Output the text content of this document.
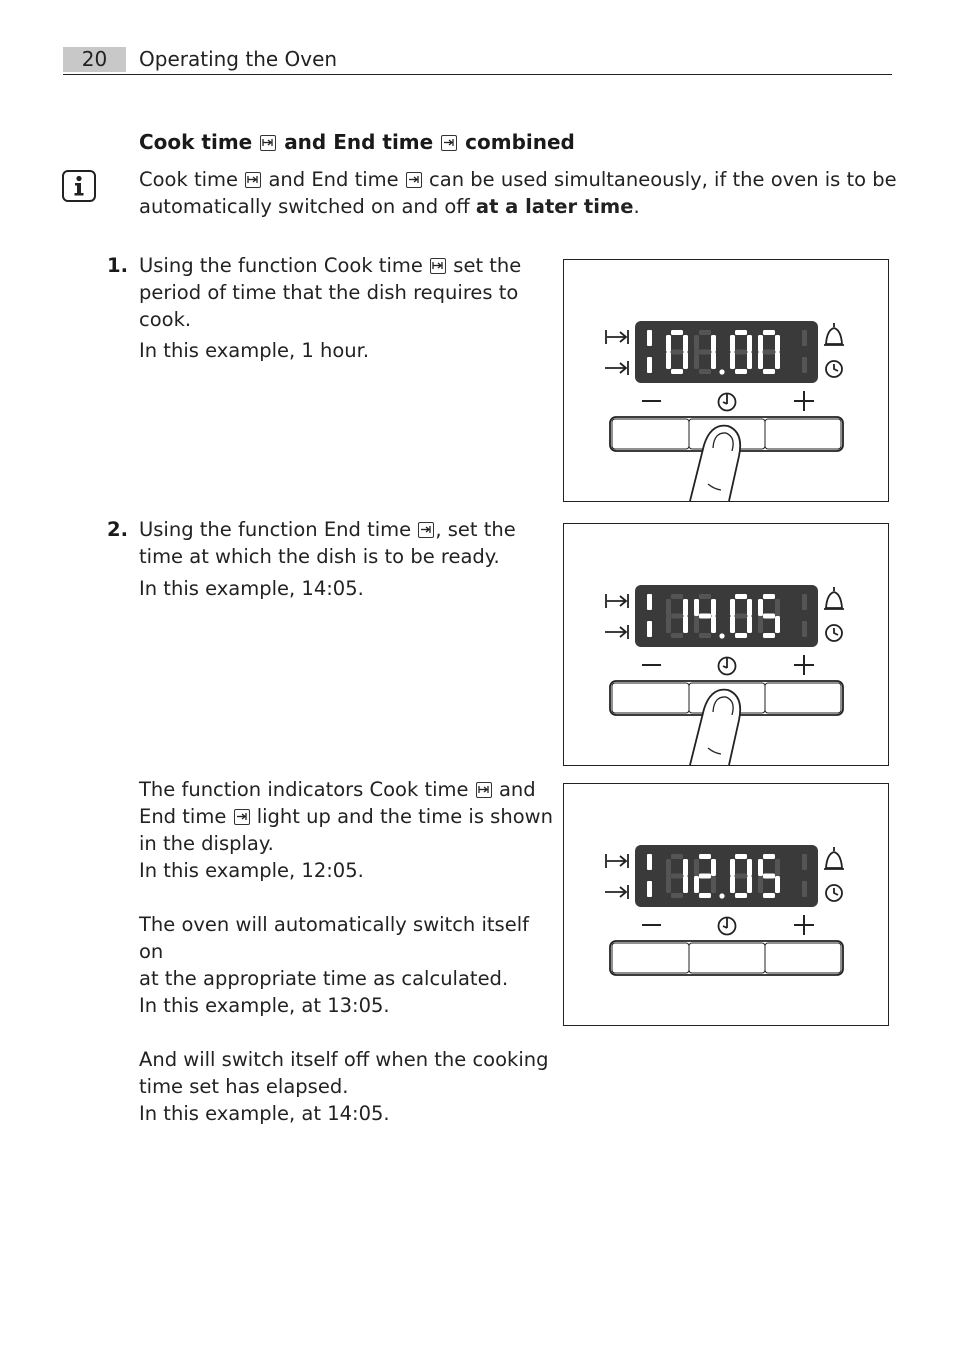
20	Operating the Oven
Cook time and End time combined
Cook time and End time can be used simultaneously, if the oven is to be
automatically switched on and off at a later time.
1. Using the function Cook time set the
period of time that the dish requires to
cook.
In this example, 1 hour.
2. Using the function End time , set the
time at which the dish is to be ready.
In this example, 14:05.
The function indicators Cook time and
End time light up and the time is shown
in the display.
In this example, 12:05.

The oven will automatically switch itself on
at the appropriate time as calculated.
In this example, at 13:05.

And will switch itself off when the cooking
time set has elapsed.
In this example, at 14:05.
